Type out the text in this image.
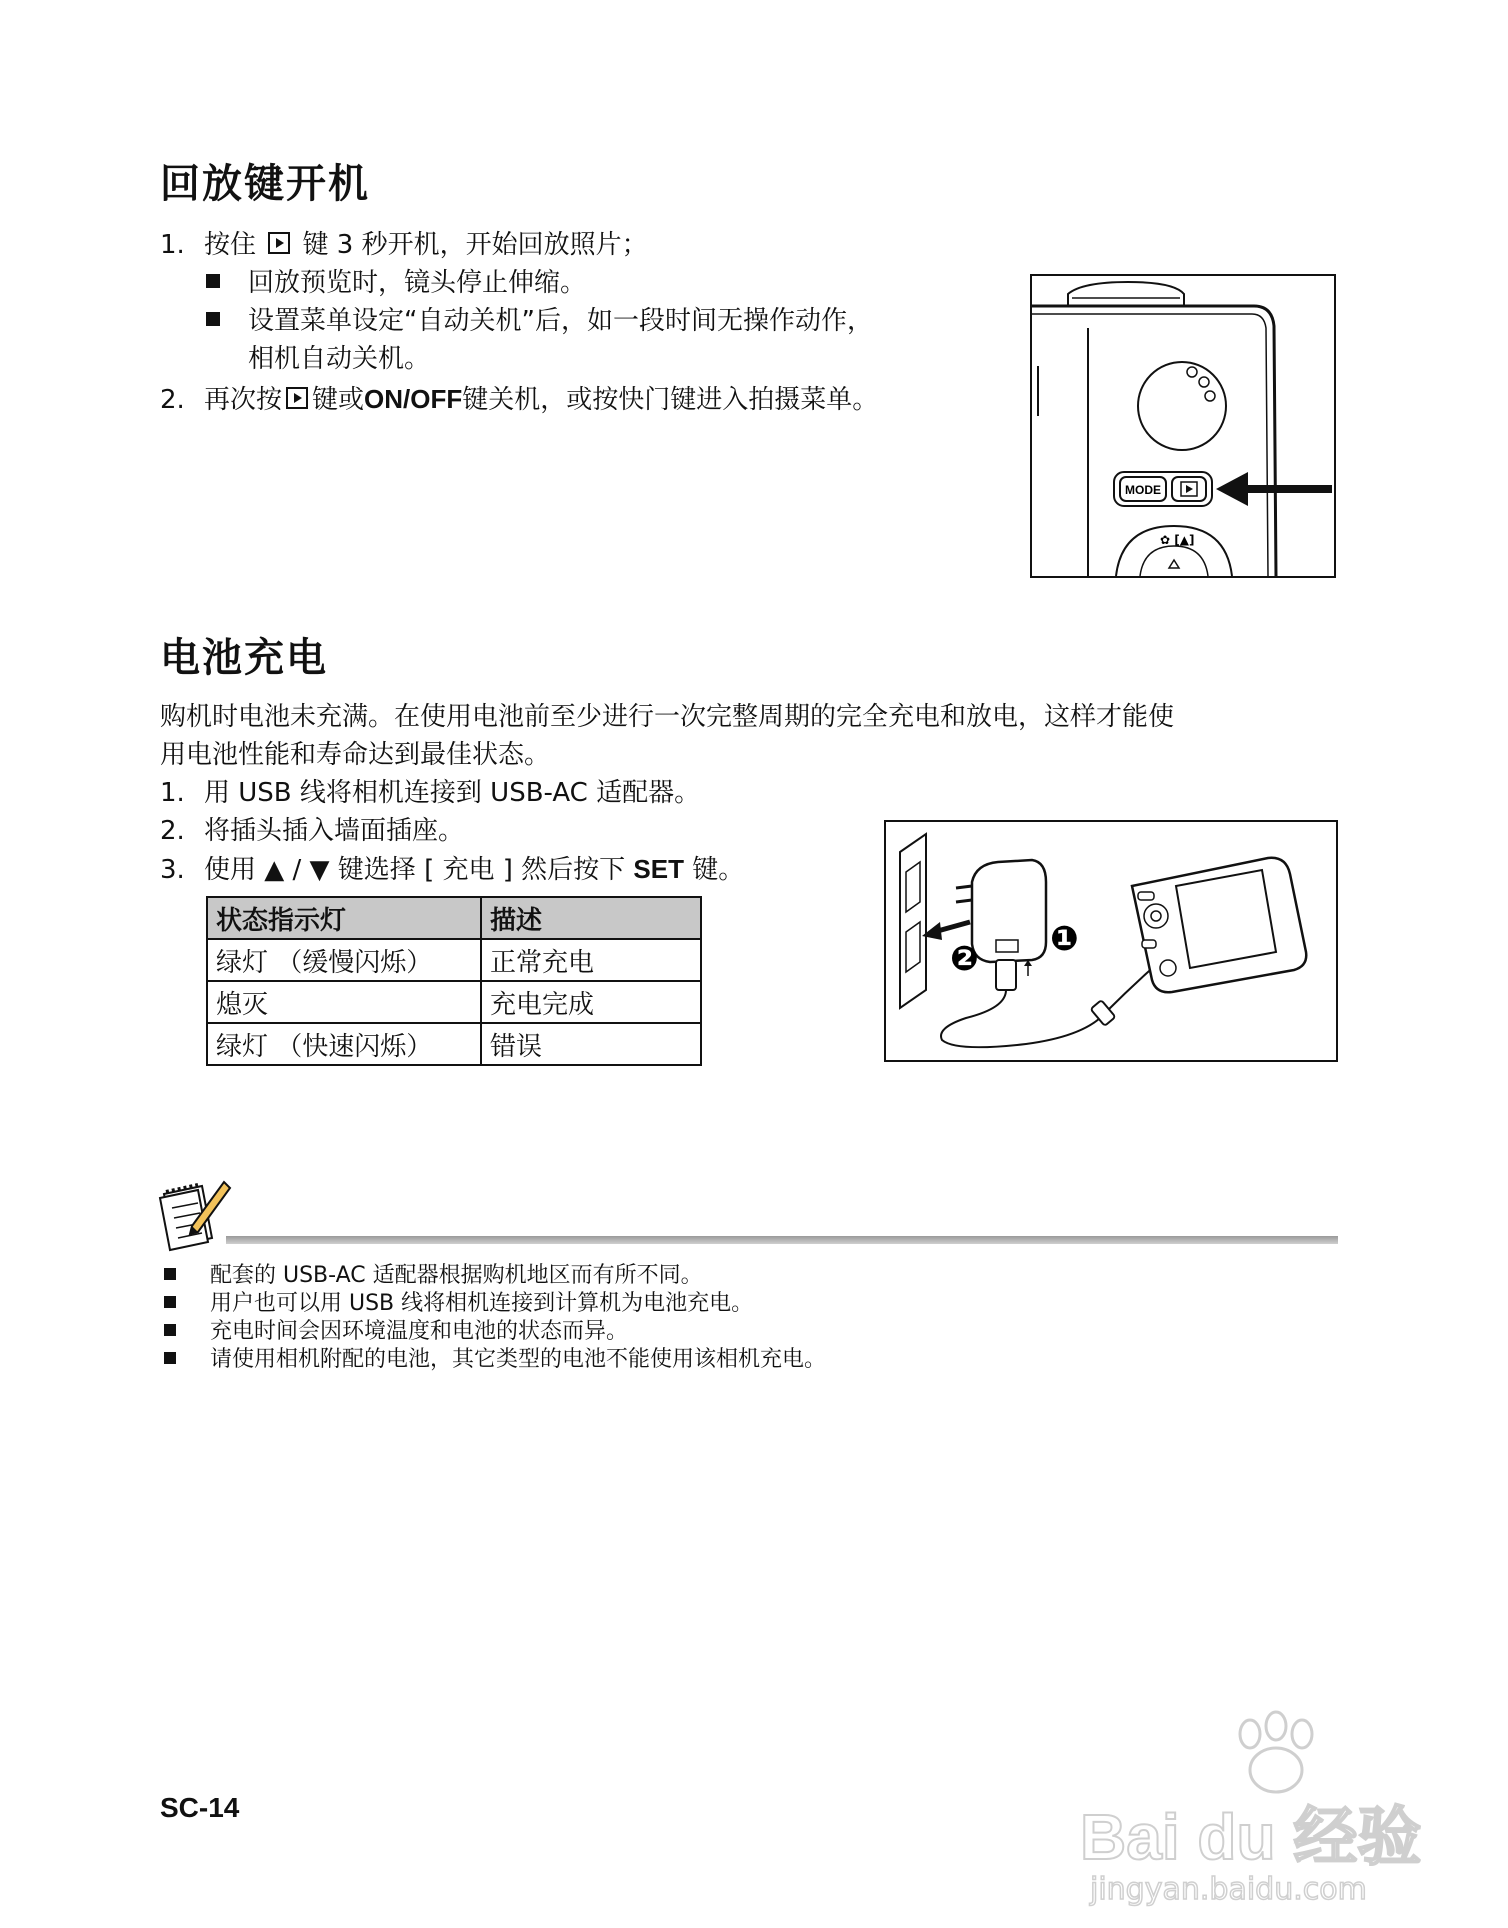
回放键开机
1. 按住 键 3 秒开机，开始回放照片；
回放预览时，镜头停止伸缩。
设置菜单设定“自动关机”后，如一段时间无操作动作，
相机自动关机。
2. 再次按 键或ON/OFF键关机，或按快门键进入拍摄菜单。
MODE
✿ [▲]
电池充电
购机时电池未充满。在使用电池前至少进行一次完整周期的完全充电和放电，这样才能使
用电池性能和寿命达到最佳状态。
1. 用 USB 线将相机连接到 USB-AC 适配器。
2. 将插头插入墙面插座。
3. 使用 ▲ / ▼ 键选择 [ 充电 ] 然后按下 SET 键。
状态指示灯	描述
绿灯 （缓慢闪烁）	正常充电
熄灭	充电完成
绿灯 （快速闪烁）	错误
❷ ❶
配套的 USB-AC 适配器根据购机地区而有所不同。
用户也可以用 USB 线将相机连接到计算机为电池充电。
充电时间会因环境温度和电池的状态而异。
请使用相机附配的电池，其它类型的电池不能使用该相机充电。
SC-14	Bai du 经验
jingyan.baidu.com
